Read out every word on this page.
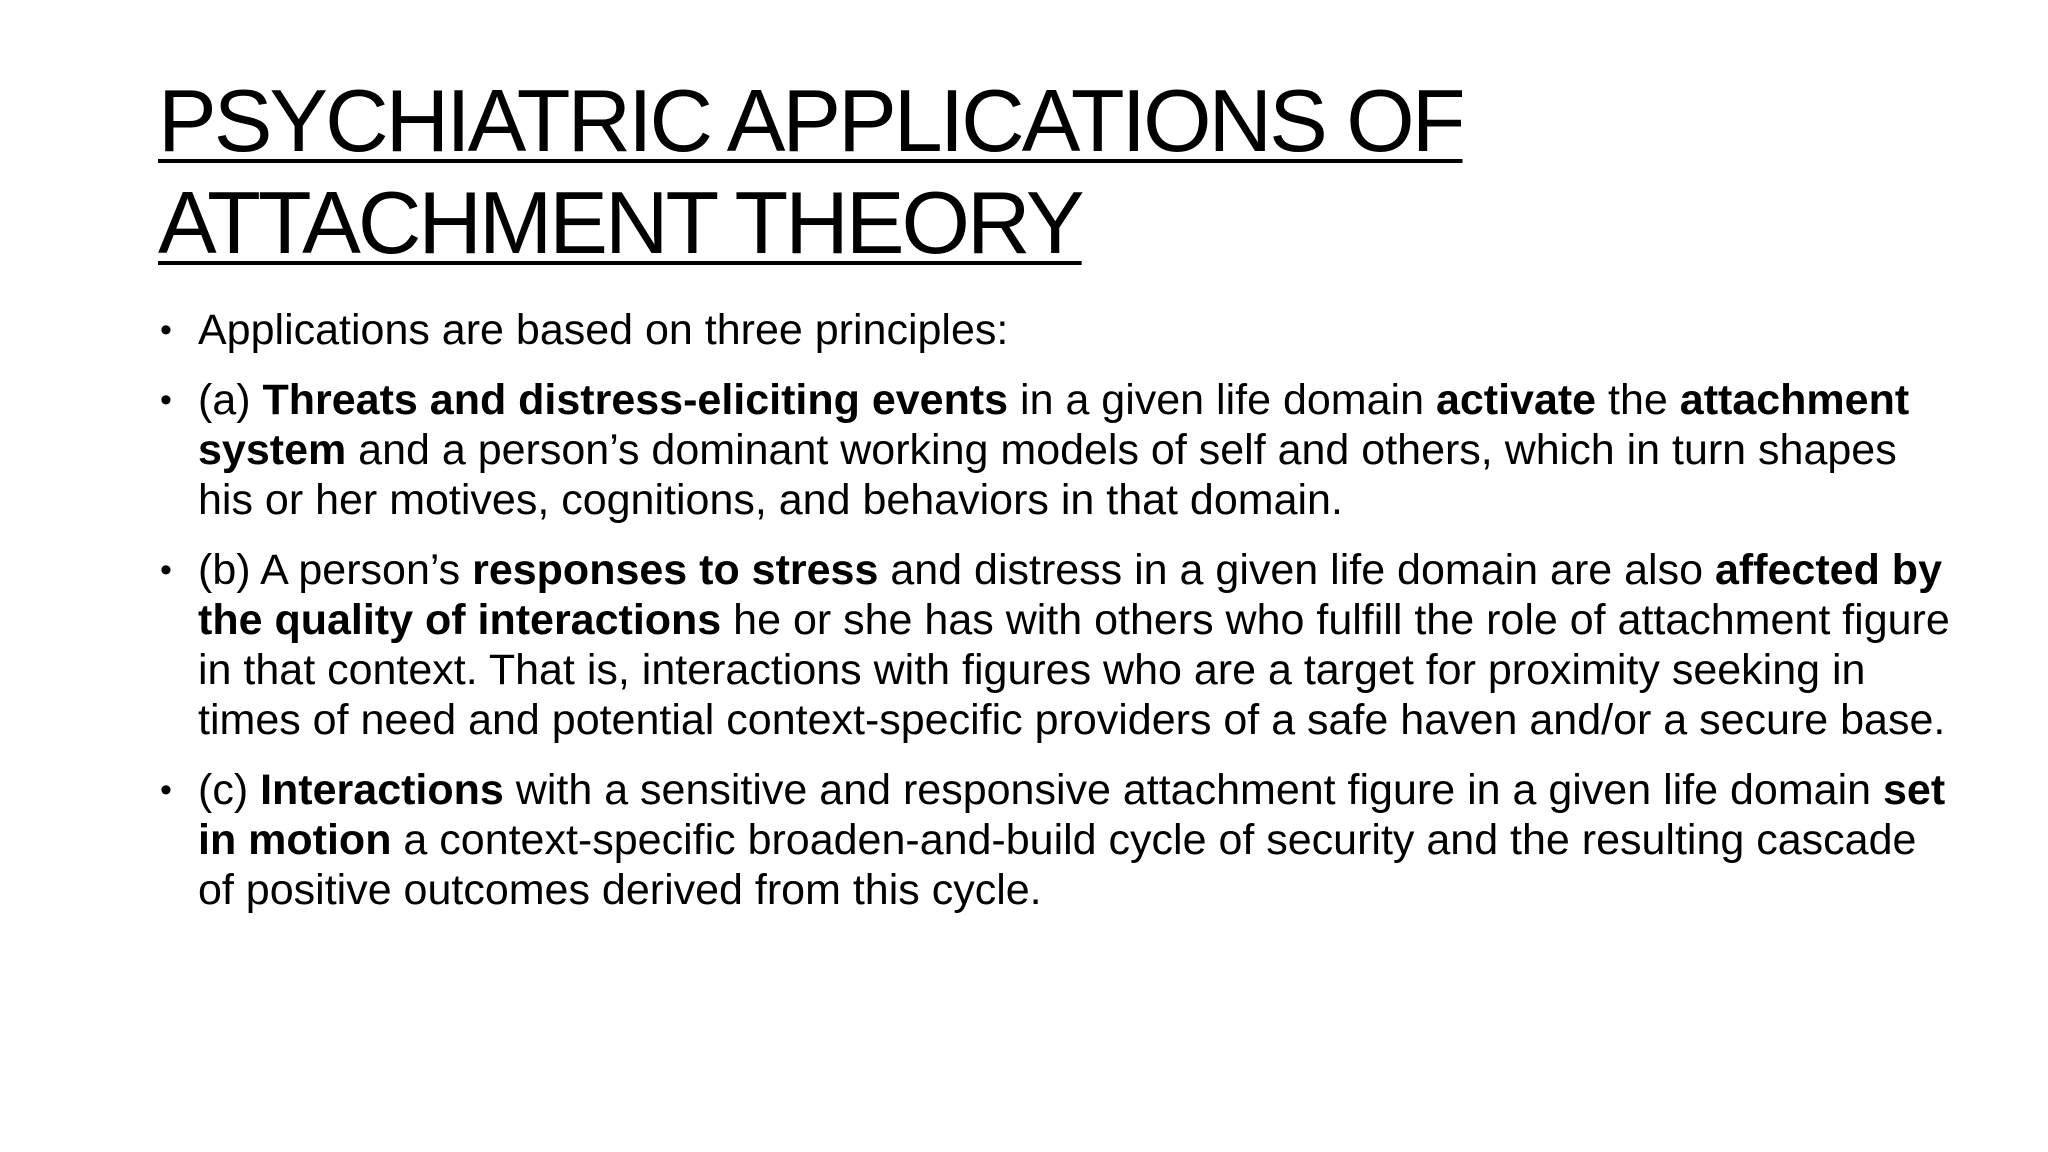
PSYCHIATRIC APPLICATIONS OF ATTACHMENT THEORY
• Applications are based on three principles:
• (a) Threats and distress-eliciting events in a given life domain activate the attachment system and a person’s dominant working models of self and others, which in turn shapes his or her motives, cognitions, and behaviors in that domain.
• (b) A person’s responses to stress and distress in a given life domain are also affected by the quality of interactions he or she has with others who fulfill the role of attachment figure in that context. That is, interactions with figures who are a target for proximity seeking in times of need and potential context-specific providers of a safe haven and/or a secure base.
• (c) Interactions with a sensitive and responsive attachment figure in a given life domain set in motion a context-specific broaden-and-build cycle of security and the resulting cascade of positive outcomes derived from this cycle.
